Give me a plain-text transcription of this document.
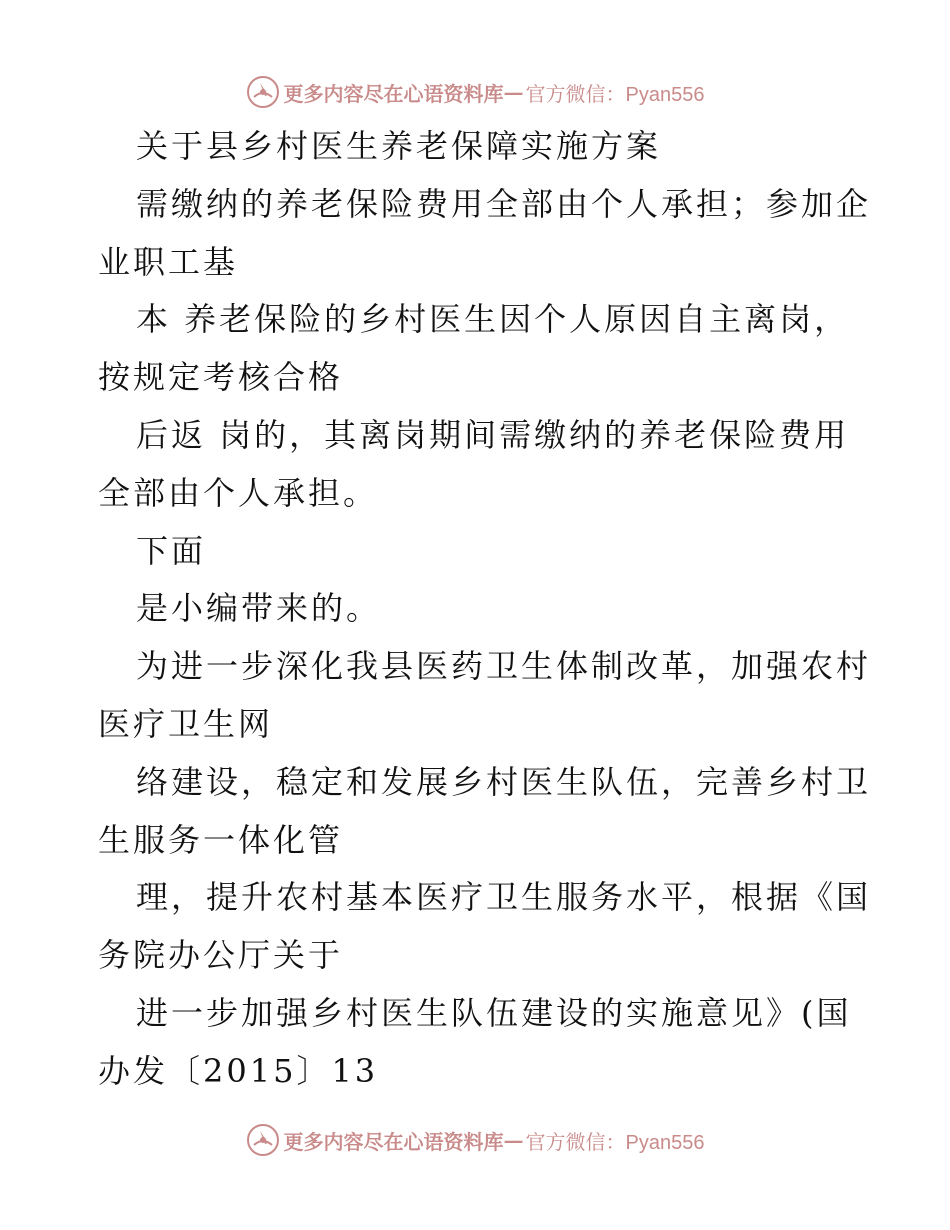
更多内容尽在心语资料库 — 官方微信：Pyan556
关于县乡村医生养老保障实施方案
需缴纳的养老保险费用全部由个人承担；参加企
业职工基
本 养老保险的乡村医生因个人原因自主离岗，
按规定考核合格
后返 岗的，其离岗期间需缴纳的养老保险费用
全部由个人承担。
下面
是小编带来的。
为进一步深化我县医药卫生体制改革，加强农村
医疗卫生网
络建设，稳定和发展乡村医生队伍，完善乡村卫
生服务一体化管
理，提升农村基本医疗卫生服务水平，根据《国
务院办公厅关于
进一步加强乡村医生队伍建设的实施意见》(国
办发〔2015〕13
更多内容尽在心语资料库 — 官方微信：Pyan556
